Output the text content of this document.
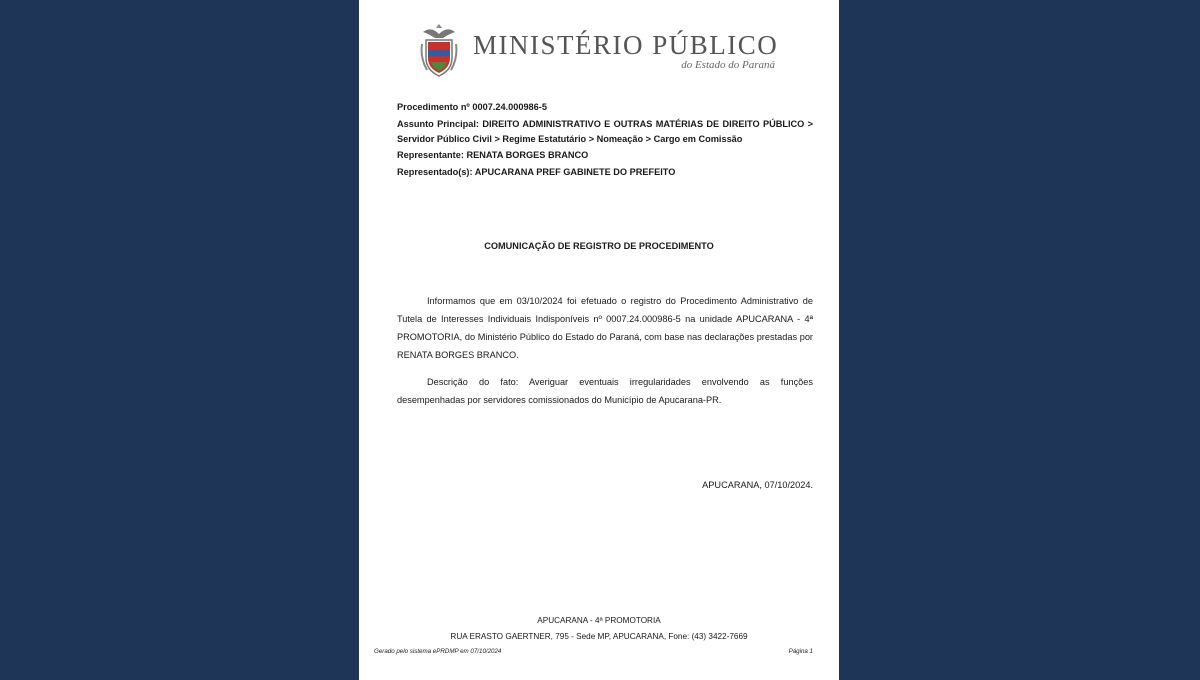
MINISTÉRIO PÚBLICO
do Estado do Paraná

Procedimento nº 0007.24.000986-5

Assunto Principal: DIREITO ADMINISTRATIVO E OUTRAS MATÉRIAS DE DIREITO PÚBLICO > Servidor Público Civil > Regime Estatutário > Nomeação > Cargo em Comissão

Representante: RENATA BORGES BRANCO

Representado(s): APUCARANA PREF GABINETE DO PREFEITO

COMUNICAÇÃO DE REGISTRO DE PROCEDIMENTO

Informamos que em 03/10/2024 foi efetuado o registro do Procedimento Administrativo de Tutela de Interesses Individuais Indisponíveis nº 0007.24.000986-5 na unidade APUCARANA - 4ª PROMOTORIA, do Ministério Público do Estado do Paraná, com base nas declarações prestadas por RENATA BORGES BRANCO.

Descrição do fato: Averiguar eventuais irregularidades envolvendo as funções desempenhadas por servidores comissionados do Município de Apucarana-PR.

APUCARANA, 07/10/2024.
APUCARANA - 4ª PROMOTORIA
RUA ERASTO GAERTNER, 795 - Sede MP, APUCARANA, Fone: (43) 3422-7669
Gerado pelo sistema ePRDMP em 07/10/2024	Página 1
